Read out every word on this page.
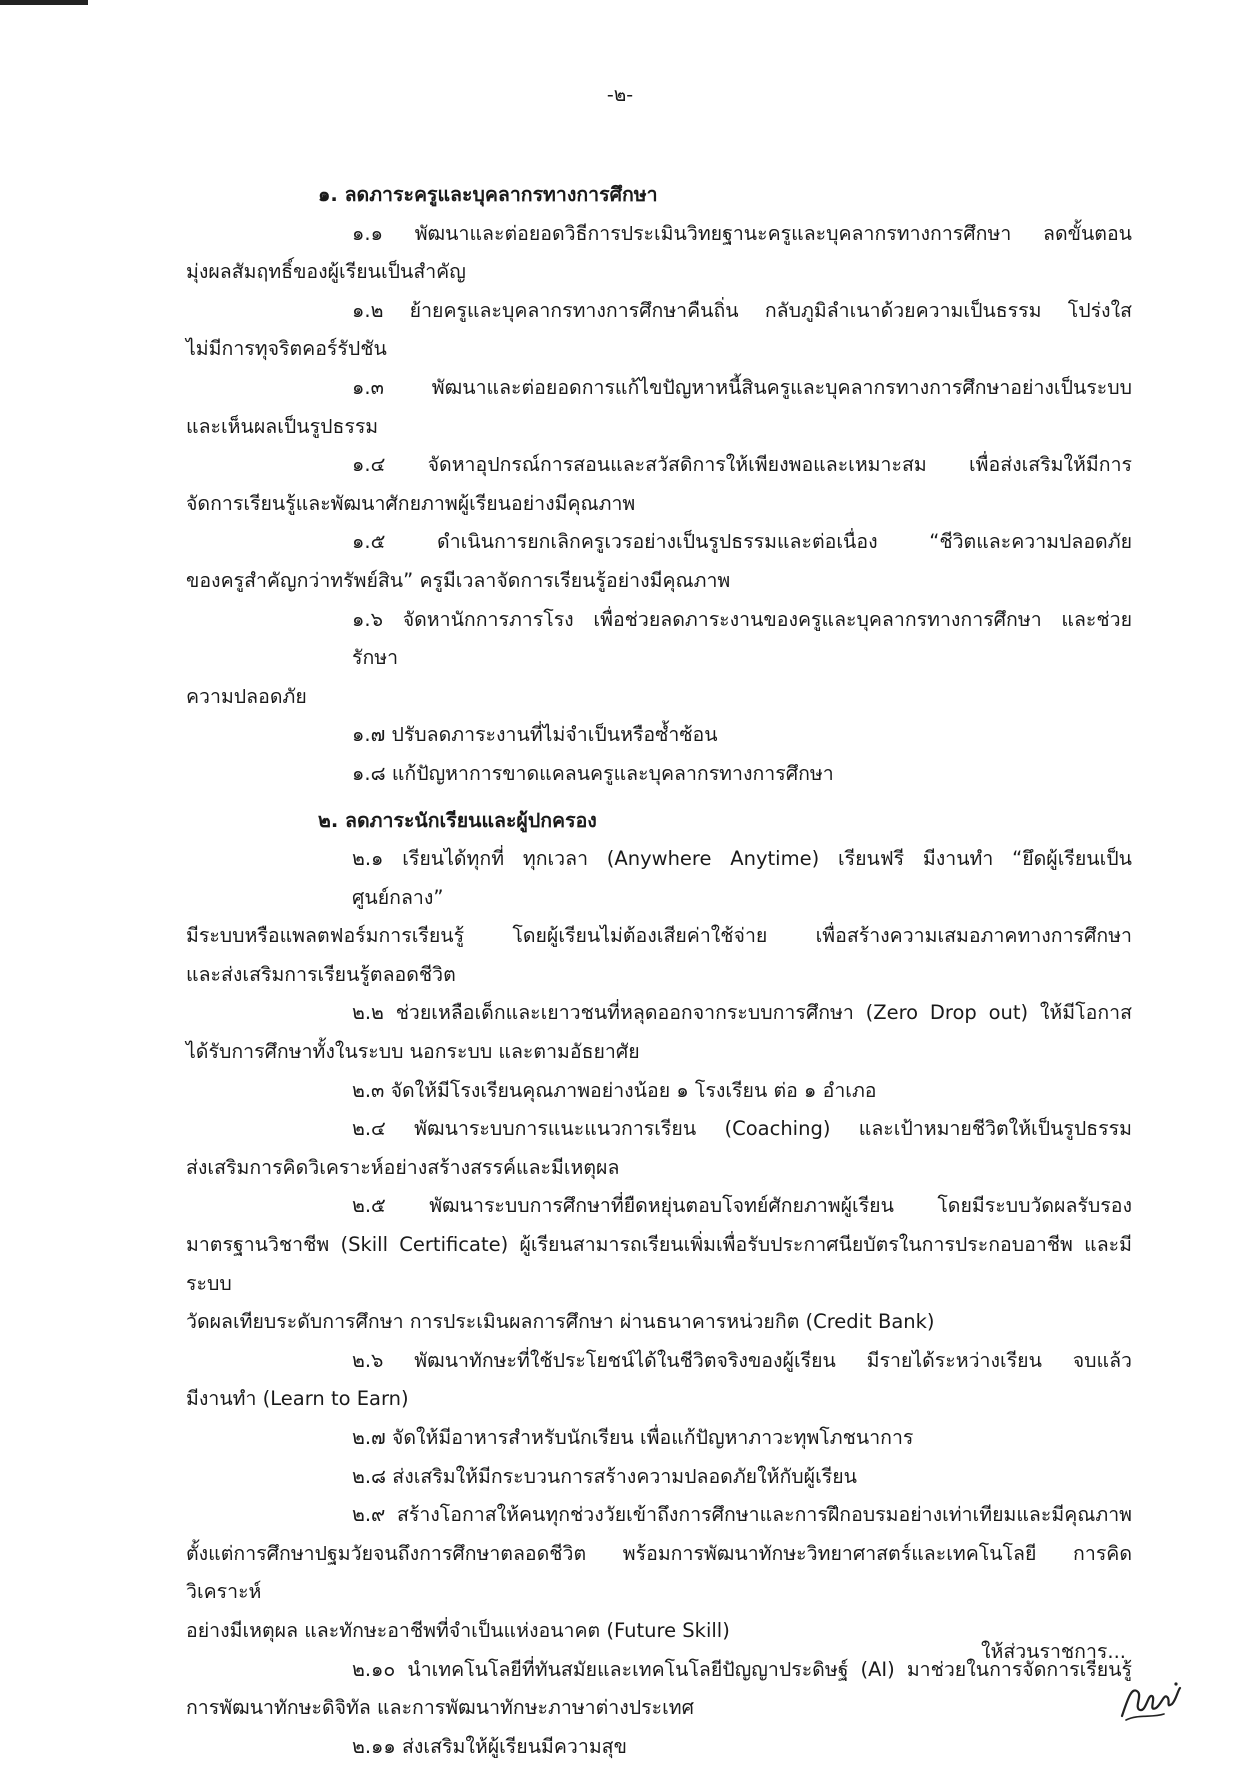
-๒-
๑. ลดภาระครูและบุคลากรทางการศึกษา
๑.๑ พัฒนาและต่อยอดวิธีการประเมินวิทยฐานะครูและบุคลากรทางการศึกษา ลดขั้นตอน
มุ่งผลสัมฤทธิ์ของผู้เรียนเป็นสำคัญ
๑.๒ ย้ายครูและบุคลากรทางการศึกษาคืนถิ่น กลับภูมิลำเนาด้วยความเป็นธรรม โปร่งใส
ไม่มีการทุจริตคอร์รัปชัน
๑.๓ พัฒนาและต่อยอดการแก้ไขปัญหาหนี้สินครูและบุคลากรทางการศึกษาอย่างเป็นระบบ
และเห็นผลเป็นรูปธรรม
๑.๔ จัดหาอุปกรณ์การสอนและสวัสดิการให้เพียงพอและเหมาะสม เพื่อส่งเสริมให้มีการ
จัดการเรียนรู้และพัฒนาศักยภาพผู้เรียนอย่างมีคุณภาพ
๑.๕ ดำเนินการยกเลิกครูเวรอย่างเป็นรูปธรรมและต่อเนื่อง “ชีวิตและความปลอดภัย
ของครูสำคัญกว่าทรัพย์สิน” ครูมีเวลาจัดการเรียนรู้อย่างมีคุณภาพ
๑.๖ จัดหานักการภารโรง เพื่อช่วยลดภาระงานของครูและบุคลากรทางการศึกษา และช่วยรักษา
ความปลอดภัย
๑.๗ ปรับลดภาระงานที่ไม่จำเป็นหรือซ้ำซ้อน
๑.๘ แก้ปัญหาการขาดแคลนครูและบุคลากรทางการศึกษา
๒. ลดภาระนักเรียนและผู้ปกครอง
๒.๑ เรียนได้ทุกที่ ทุกเวลา (Anywhere Anytime) เรียนฟรี มีงานทำ “ยึดผู้เรียนเป็นศูนย์กลาง”
มีระบบหรือแพลตฟอร์มการเรียนรู้ โดยผู้เรียนไม่ต้องเสียค่าใช้จ่าย เพื่อสร้างความเสมอภาคทางการศึกษา
และส่งเสริมการเรียนรู้ตลอดชีวิต
๒.๒ ช่วยเหลือเด็กและเยาวชนที่หลุดออกจากระบบการศึกษา (Zero Drop out) ให้มีโอกาส
ได้รับการศึกษาทั้งในระบบ นอกระบบ และตามอัธยาศัย
๒.๓ จัดให้มีโรงเรียนคุณภาพอย่างน้อย ๑ โรงเรียน ต่อ ๑ อำเภอ
๒.๔ พัฒนาระบบการแนะแนวการเรียน (Coaching) และเป้าหมายชีวิตให้เป็นรูปธรรม
ส่งเสริมการคิดวิเคราะห์อย่างสร้างสรรค์และมีเหตุผล
๒.๕ พัฒนาระบบการศึกษาที่ยืดหยุ่นตอบโจทย์ศักยภาพผู้เรียน โดยมีระบบวัดผลรับรอง
มาตรฐานวิชาชีพ (Skill Certificate) ผู้เรียนสามารถเรียนเพิ่มเพื่อรับประกาศนียบัตรในการประกอบอาชีพ และมีระบบ
วัดผลเทียบระดับการศึกษา การประเมินผลการศึกษา ผ่านธนาคารหน่วยกิต (Credit Bank)
๒.๖ พัฒนาทักษะที่ใช้ประโยชน์ได้ในชีวิตจริงของผู้เรียน มีรายได้ระหว่างเรียน จบแล้ว
มีงานทำ (Learn to Earn)
๒.๗ จัดให้มีอาหารสำหรับนักเรียน เพื่อแก้ปัญหาภาวะทุพโภชนาการ
๒.๘ ส่งเสริมให้มีกระบวนการสร้างความปลอดภัยให้กับผู้เรียน
๒.๙ สร้างโอกาสให้คนทุกช่วงวัยเข้าถึงการศึกษาและการฝึกอบรมอย่างเท่าเทียมและมีคุณภาพ
ตั้งแต่การศึกษาปฐมวัยจนถึงการศึกษาตลอดชีวิต พร้อมการพัฒนาทักษะวิทยาศาสตร์และเทคโนโลยี การคิดวิเคราะห์
อย่างมีเหตุผล และทักษะอาชีพที่จำเป็นแห่งอนาคต (Future Skill)
๒.๑๐ นำเทคโนโลยีที่ทันสมัยและเทคโนโลยีปัญญาประดิษฐ์ (AI) มาช่วยในการจัดการเรียนรู้
การพัฒนาทักษะดิจิทัล และการพัฒนาทักษะภาษาต่างประเทศ
๒.๑๑ ส่งเสริมให้ผู้เรียนมีความสุข
ให้ส่วนราชการ...
